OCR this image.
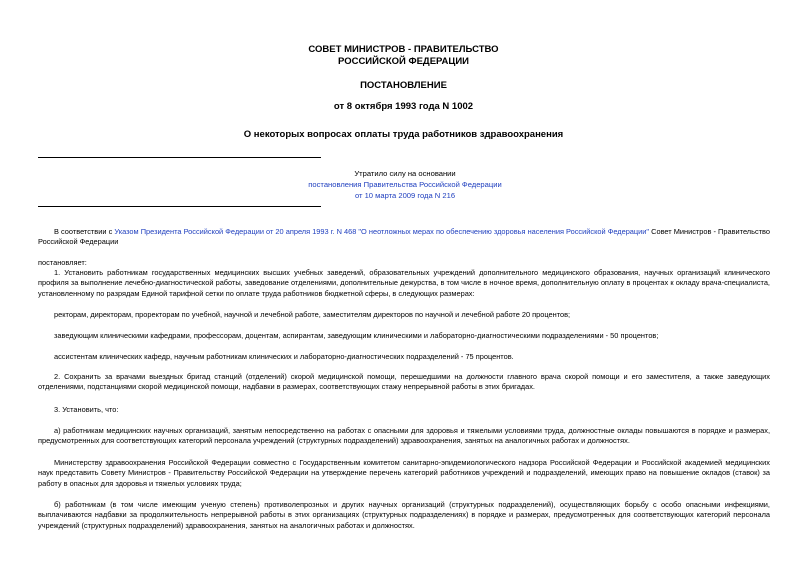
СОВЕТ МИНИСТРОВ - ПРАВИТЕЛЬСТВО
РОССИЙСКОЙ ФЕДЕРАЦИИ
ПОСТАНОВЛЕНИЕ
от 8 октября 1993 года N 1002
О некоторых вопросах оплаты труда работников здравоохранения
Утратило силу на основании
постановления Правительства Российской Федерации
от 10 марта 2009 года N 216
В соответствии с Указом Президента Российской Федерации от 20 апреля 1993 г. N 468 "О неотложных мерах по обеспечению здоровья населения Российской Федерации" Совет Министров - Правительство Российской Федерации
постановляет:
1. Установить работникам государственных медицинских высших учебных заведений, образовательных учреждений дополнительного медицинского образования, научных организаций клинического профиля за выполнение лечебно-диагностической работы, заведование отделениями, дополнительные дежурства, в том числе в ночное время, дополнительную оплату в процентах к окладу врача-специалиста, установленному по разрядам Единой тарифной сетки по оплате труда работников бюджетной сферы, в следующих размерах:
ректорам, директорам, проректорам по учебной, научной и лечебной работе, заместителям директоров по научной и лечебной работе 20 процентов;
заведующим клиническими кафедрами, профессорам, доцентам, аспирантам, заведующим клиническими и лабораторно-диагностическими подразделениями - 50 процентов;
ассистентам клинических кафедр, научным работникам клинических и лабораторно-диагностических подразделений - 75 процентов.
2. Сохранить за врачами выездных бригад станций (отделений) скорой медицинской помощи, перешедшими на должности главного врача скорой помощи и его заместителя, а также заведующих отделениями, подстанциями скорой медицинской помощи, надбавки в размерах, соответствующих стажу непрерывной работы в этих бригадах.
3. Установить, что:
а) работникам медицинских научных организаций, занятым непосредственно на работах с опасными для здоровья и тяжелыми условиями труда, должностные оклады повышаются в порядке и размерах, предусмотренных для соответствующих категорий персонала учреждений (структурных подразделений) здравоохранения, занятых на аналогичных работах и должностях.
Министерству здравоохранения Российской Федерации совместно с Государственным комитетом санитарно-эпидемиологического надзора Российской Федерации и Российской академией медицинских наук представить Совету Министров - Правительству Российской Федерации на утверждение перечень категорий работников учреждений и подразделений, имеющих право на повышение окладов (ставок) за работу в опасных для здоровья и тяжелых условиях труда;
б) работникам (в том числе имеющим ученую степень) противолепрозных и других научных организаций (структурных подразделений), осуществляющих борьбу с особо опасными инфекциями, выплачиваются надбавки за продолжительность непрерывной работы в этих организациях (структурных подразделениях) в порядке и размерах, предусмотренных для соответствующих категорий персонала учреждений (структурных подразделений) здравоохранения, занятых на аналогичных работах и должностях.
